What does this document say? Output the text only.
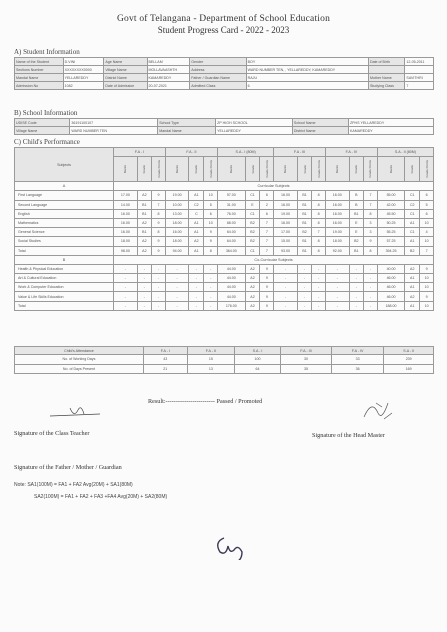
Govt of Telangana - Department of School Education
Student Progress Card - 2022 - 2023
A) Student Information
Name of the Student	D.VINI	Age Name	BELLAM	Gender	BOY	Date of Birth	12-05-2011
Sections Number	XXXXXXXX0000	Village Name	MOLLAVAASHTH	Address	WARD NUMBER TEN, , YELLAREDDY, KAMAREDDY		
Mandal Name	YELLAREDDY	District Name	KAMAREDDY	Father / Guardian Name	RAJU	Mother Name	SAVITHRI
Admission No	1082	Date of Admission	20-07-2021	Admitted Class	6	Studying Class	7
B) School Information
UDISE Code	36191100107	School Type	ZP HIGH SCHOOL	School Name	ZPHS YELLAREDDY
Village Name	WARD NUMBER TEN	Mandal Name	YELLAREDDY	District Name	KAMAREDDY
C) Child's Performance
Subjects	F.A - I			F.A - II			S.A - I (80M)			F.A - III			F.A - IV			S.A - II (80M)		
	Marks	Grade	Grade Points	Marks	Grade	Grade Points	Marks	Grade	Grade Points	Marks	Grade	Grade Points	Marks	Grade	Grade Points	Marks	Grade	Grade Points
A	Curricular Subjects																	
First Language	17.00	A2	9	19.00	A1	10	57.00	C1	6	16.00	B1	8	16.00	B	7	55.00	C1	6
Second Language	14.00	B1	7	10.00	C2	5	31.00	E	2	16.00	B1	8	16.00	B	7	42.00	C2	5
English	16.00	B1	8	13.00	C	6	76.00	C1	6	19.00	B1	8	16.00	B1	8	45.50	C1	6
Mathematics	16.00	A2	9	18.00	A1	10	68.00	B2	7	16.00	B1	8	16.00	E	3	50.25	A1	10
General Science	16.00	B1	8	16.00	A1	9	64.00	B2	7	17.00	B2	7	19.00	E	3	55.25	C1	4
Social Studies	18.00	A2	9	18.00	A2	9	64.00	B2	7	15.00	B1	8	18.00	B2	9	57.25	A1	10
Total	98.00	A2	9	94.00	A1	8	364.00	C1	7	93.00	B1	8	92.00	B1	8	394.25	B2	7
B	Co-Curricular Subjects																	
Health & Physical Education	-	-	-	-	-	-	44.00	A2	9	-	-	-	-	-	-	40.00	A2	9
Art & Cultural Education	-	-	-	-	-	-	44.00	A2	9	-	-	-	-	-	-	46.00	A1	10
Work & Computer Education	-	-	-	-	-	-	44.00	A2	9	-	-	-	-	-	-	46.00	A1	10
Value & Life Skills Education	-	-	-	-	-	-	44.00	A2	9	-	-	-	-	-	-	46.00	A2	9
Total	-	-	-	-	-	-	176.00	A2	9	-	-	-	-	-	-	188.00	A1	10
Child's Attendance	F.A - I	F.A - II	S.A - I	F.A - III	F.A - IV	S.A - II
No. of Working Days	43	15	100	30	33	239
No. of Days Present	21	13	64	35	36	169
Result:------------------------ Passed / Promoted
Signature of the Class Teacher	Signature of the Head Master
Signature of the Father / Mother / Guardian
Note: SA1(100M) = FA1 + FA2 Avg(20M) + SA1(80M)
SA2(100M) = FA1 + FA2 + FA3 +FA4 Avg(20M) + SA2(80M)
